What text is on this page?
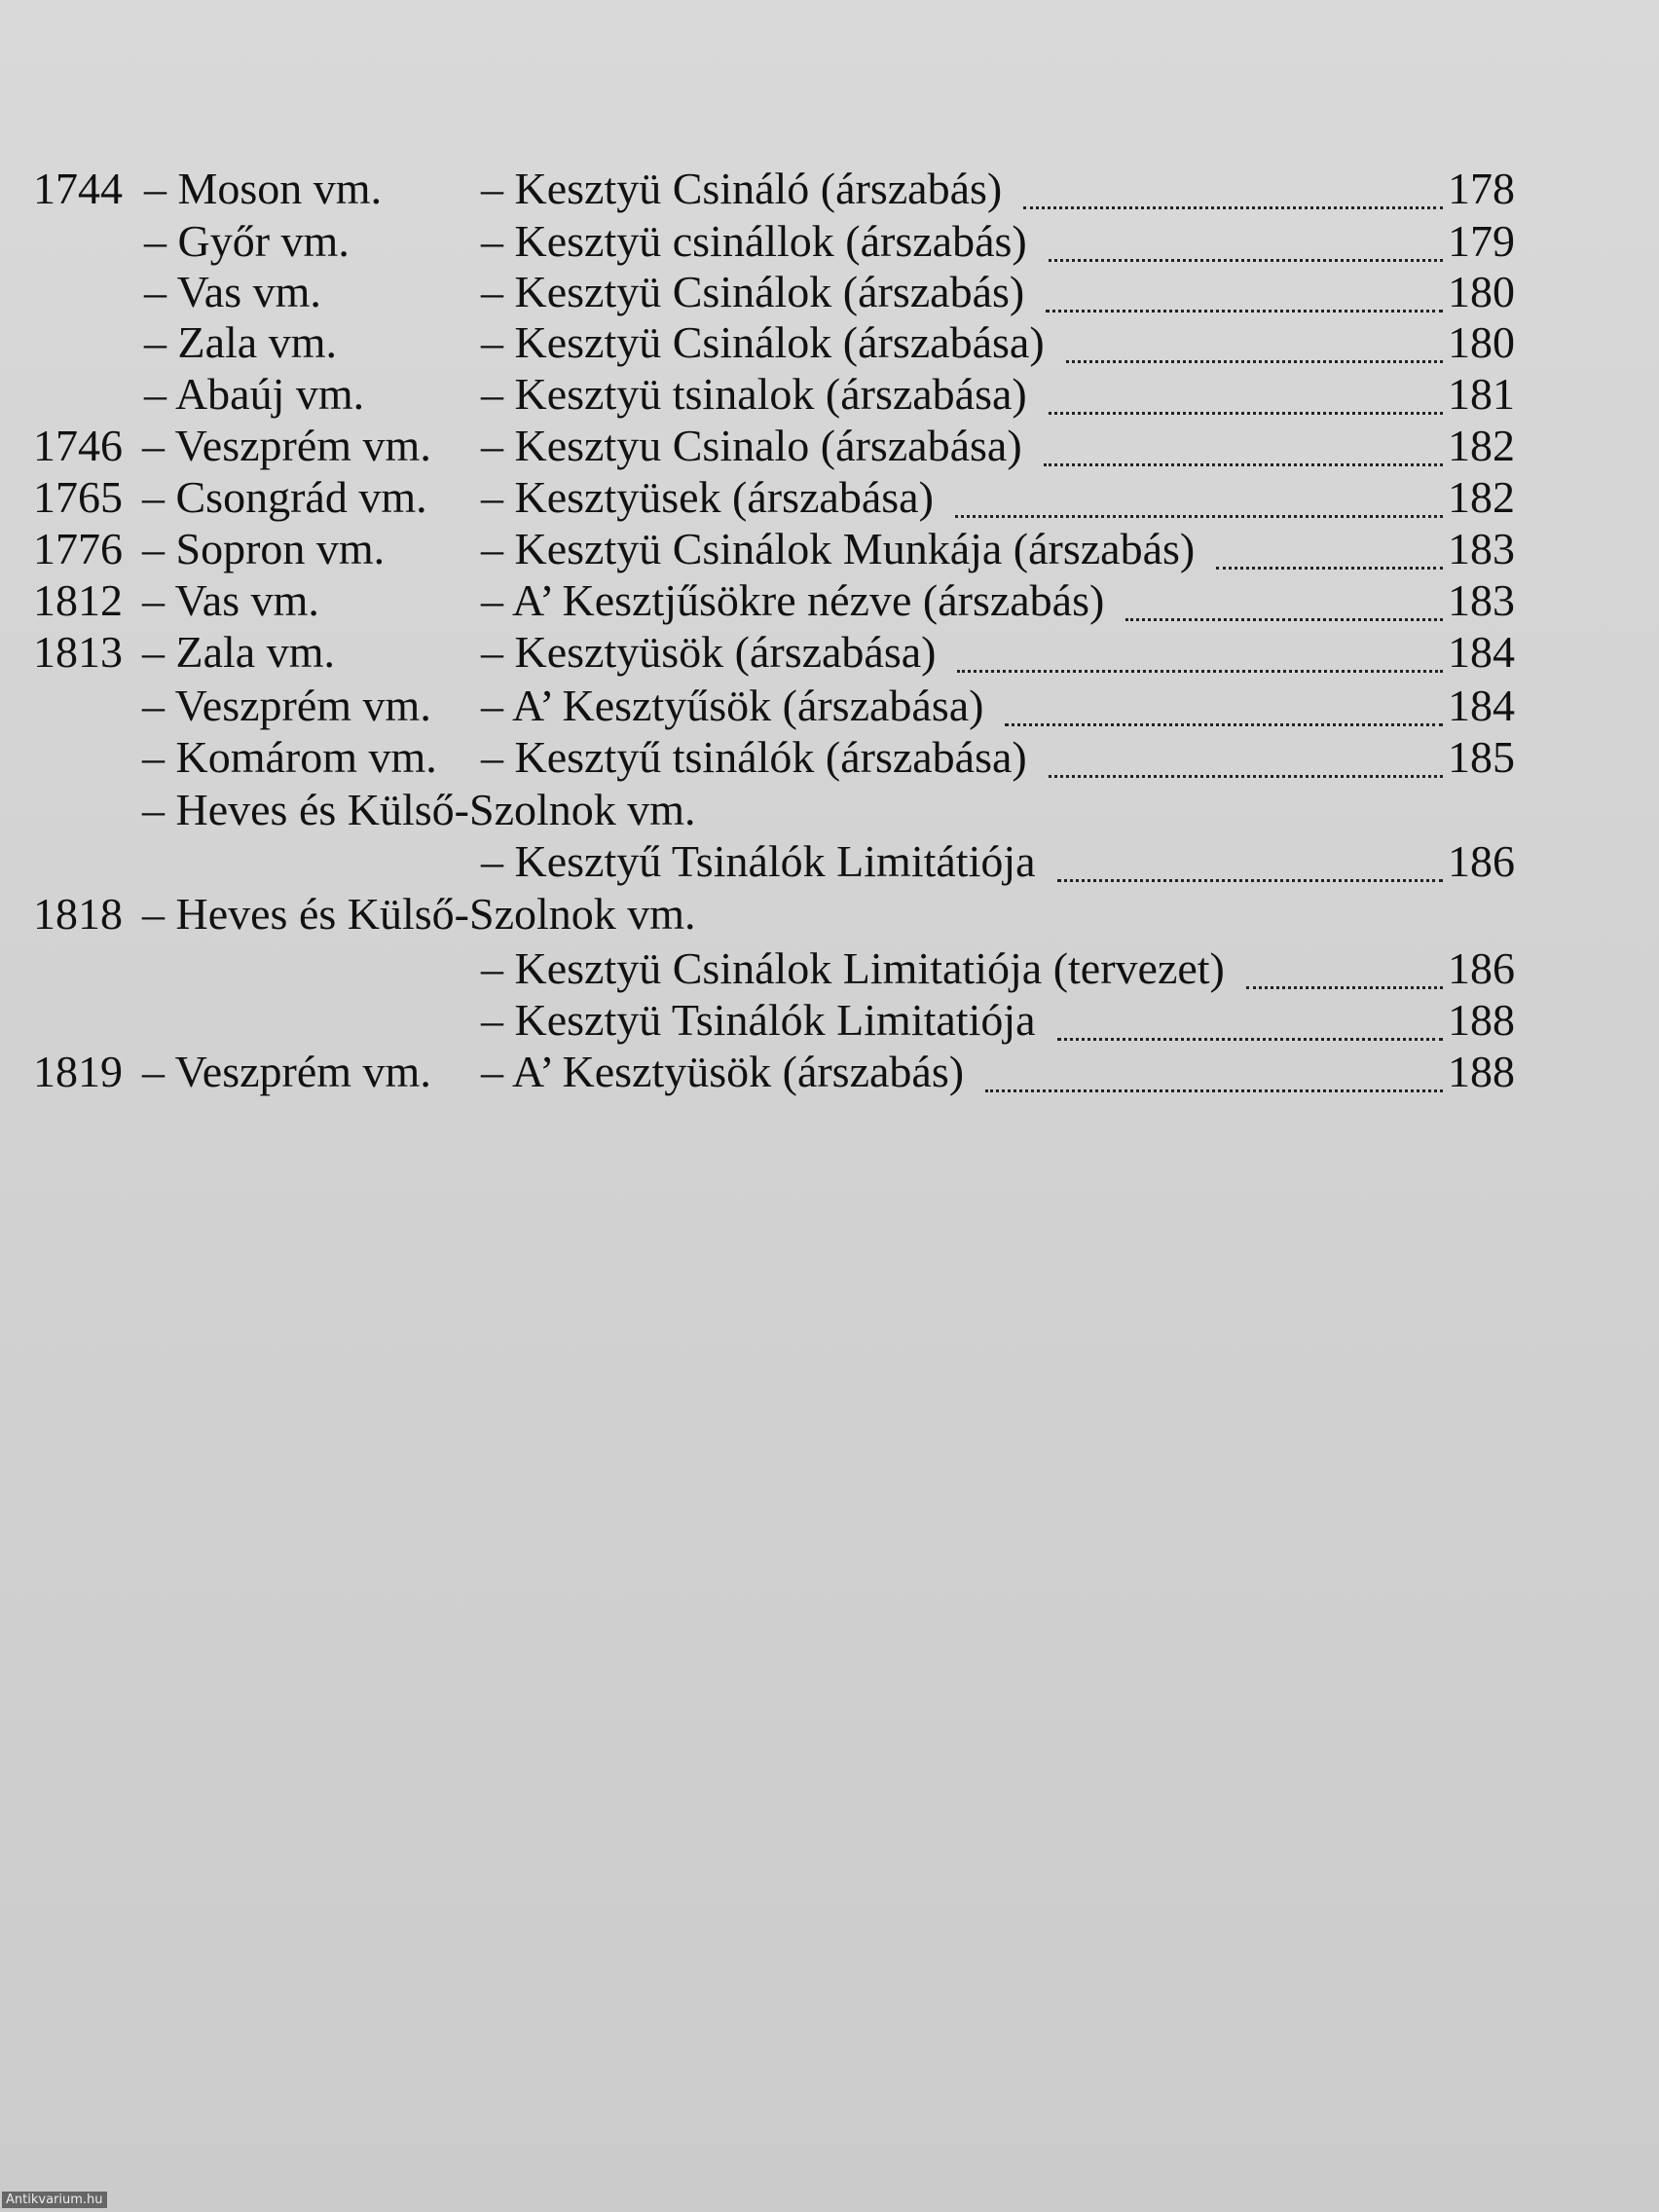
1744 – Moson vm. – Kesztyü Csináló (árszabás)	178
– Győr vm.	– Kesztyü csinállok (árszabás)	179
– Vas vm.	– Kesztyü Csinálok (árszabás)	180
– Zala vm.	– Kesztyü Csinálok (árszabása)	180
– Abaúj vm.	– Kesztyü tsinalok (árszabása)	181
1746 – Veszprém vm. – Kesztyu Csinalo (árszabása)	182
1765 – Csongrád vm. – Kesztyüsek (árszabása)	182
1776 – Sopron vm. – Kesztyü Csinálok Munkája (árszabás)	183
1812 – Vas vm.	– A’ Kesztjűsökre nézve (árszabás)	183
1813 – Zala vm.	– Kesztyüsök (árszabása)	184
– Veszprém vm. – A’ Kesztyűsök (árszabása)	184
– Komárom vm. – Kesztyű tsinálók (árszabása)	185
– Heves és Külső-Szolnok vm.
– Kesztyű Tsinálók Limitátiója	186
1818 – Heves és Külső-Szolnok vm.
– Kesztyü Csinálok Limitatiója (tervezet)	186
– Kesztyü Tsinálók Limitatiója	188
1819 – Veszprém vm. – A’ Kesztyüsök (árszabás)	188
Antikvarium.hu
